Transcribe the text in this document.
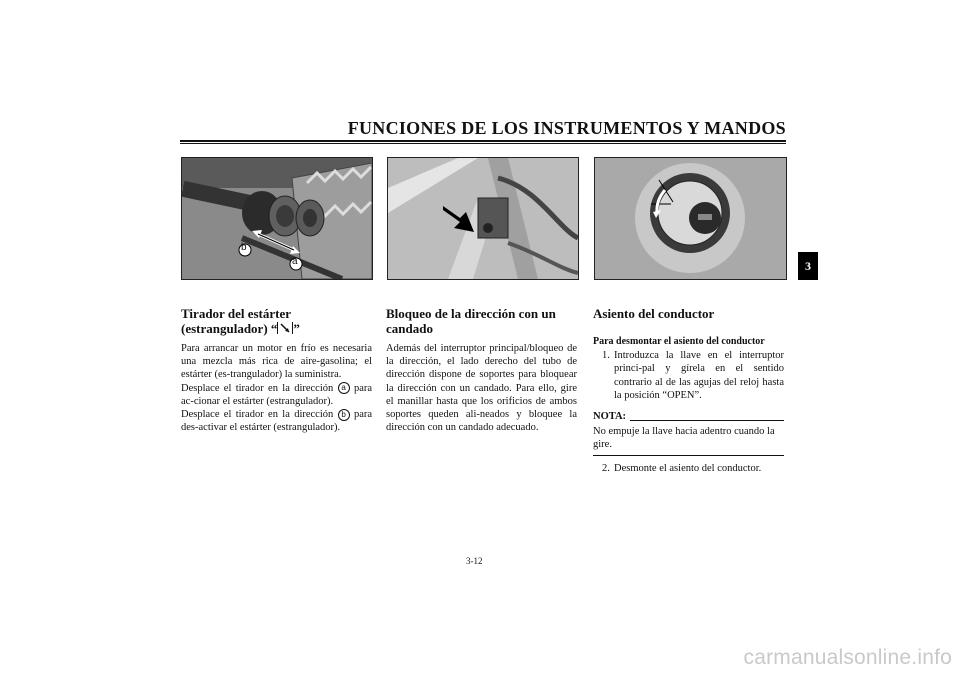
FUNCIONES DE LOS INSTRUMENTOS Y MANDOS
3
b
a
Tirador del estárter (estrangulador) “ ”

Para arrancar un motor en frío es necesaria una mezcla más rica de aire-gasolina; el estárter (es-trangulador) la suministra.

Desplace el tirador en la dirección a para ac-cionar el estárter (estrangulador).

Desplace el tirador en la dirección b para des-activar el estárter (estrangulador).

Bloqueo de la dirección con un candado

Además del interruptor principal/bloqueo de la dirección, el lado derecho del tubo de dirección dispone de soportes para bloquear la dirección con un candado. Para ello, gire el manillar hasta que los orificios de ambos soportes queden ali-neados y bloquee la dirección con un candado adecuado.

Asiento del conductor
Para desmontar el asiento del conductor
1. Introduzca la llave en el interruptor princi-pal y gírela en el sentido contrario al de las agujas del reloj hasta la posición “OPEN”.
NOTA:
No empuje la llave hacia adentro cuando la gire.
2. Desmonte el asiento del conductor.
3-12
carmanualsonline.info
